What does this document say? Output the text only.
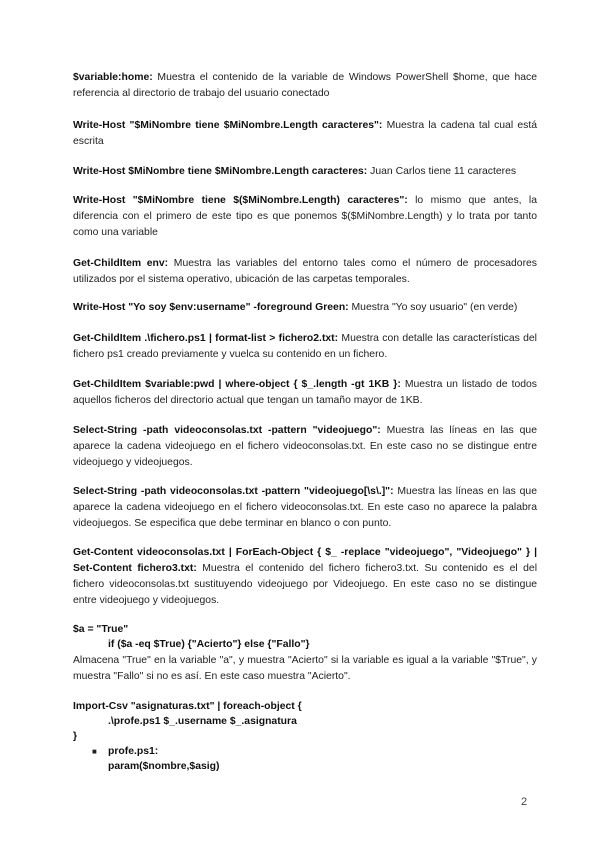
$variable:home: Muestra el contenido de la variable de Windows PowerShell $home, que hace referencia al directorio de trabajo del usuario conectado

Write-Host "$MiNombre tiene $MiNombre.Length caracteres": Muestra la cadena tal cual está escrita

Write-Host $MiNombre tiene $MiNombre.Length caracteres: Juan Carlos tiene 11 caracteres

Write-Host "$MiNombre tiene $($MiNombre.Length) caracteres": lo mismo que antes, la diferencia con el primero de este tipo es que ponemos $($MiNombre.Length) y lo trata por tanto como una variable

Get-ChildItem env: Muestra las variables del entorno tales como el número de procesadores utilizados por el sistema operativo, ubicación de las carpetas temporales.

Write-Host "Yo soy $env:username" -foreground Green: Muestra "Yo soy usuario" (en verde)

Get-ChildItem .\fichero.ps1 | format-list > fichero2.txt: Muestra con detalle las características del fichero ps1 creado previamente y vuelca su contenido en un fichero.

Get-ChildItem $variable:pwd | where-object { $_.length -gt 1KB }: Muestra un listado de todos aquellos ficheros del directorio actual que tengan un tamaño mayor de 1KB.

Select-String -path videoconsolas.txt -pattern "videojuego": Muestra las líneas en las que aparece la cadena videojuego en el fichero videoconsolas.txt. En este caso no se distingue entre videojuego y videojuegos.

Select-String -path videoconsolas.txt -pattern "videojuego[\s\.]": Muestra las líneas en las que aparece la cadena videojuego en el fichero videoconsolas.txt. En este caso no aparece la palabra videojuegos. Se especifica que debe terminar en blanco o con punto.

Get-Content videoconsolas.txt | ForEach-Object { $_ -replace "videojuego", "Videojuego" } | Set-Content fichero3.txt: Muestra el contenido del fichero fichero3.txt. Su contenido es el del fichero videoconsolas.txt sustituyendo videojuego por Videojuego. En este caso no se distingue entre videojuego y videojuegos.

$a = "True"

if ($a -eq $True) {"Acierto"} else {"Fallo"}

Almacena "True" en la variable "a", y muestra "Acierto" si la variable es igual a la variable "$True", y muestra "Fallo" si no es así. En este caso muestra "Acierto".

Import-Csv "asignaturas.txt" | foreach-object {

.\profe.ps1 $_.username $_.asignatura

}

■ profe.ps1:

param($nombre,$asig)

2
